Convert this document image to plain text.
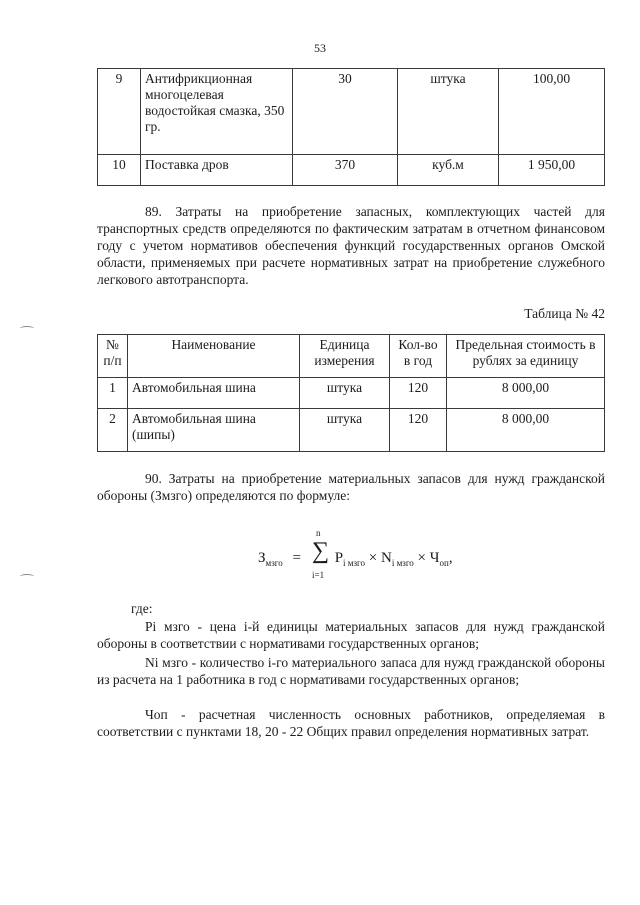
53
9	Антифрикционная многоцелевая водостойкая смазка, 350 гр.	30	штука	100,00
10	Поставка дров	370	куб.м	1 950,00
89. Затраты на приобретение запасных, комплектующих частей для транспортных средств определяются по фактическим затратам в отчетном финансовом году с учетом нормативов обеспечения функций государственных органов Омской области, применяемых при расчете нормативных затрат на приобретение служебного легкового автотранспорта.
Таблица № 42
№ п/п	Наименование	Единица измерения	Кол-во в год	Предельная стоимость в рублях за единицу
1	Автомобильная шина	штука	120	8 000,00
2	Автомобильная шина (шипы)	штука	120	8 000,00
90. Затраты на приобретение материальных запасов для нужд гражданской обороны (Змзго) определяются по формуле:
n
∑
i=1
$З_{мзго} = P_{i мзго} \times N_{i мзго} \times Ч_{оп}$,
где:
Pi мзго - цена i-й единицы материальных запасов для нужд гражданской обороны в соответствии с нормативами государственных органов;
Ni мзго - количество i-го материального запаса для нужд гражданской обороны из расчета на 1 работника в год с нормативами государственных органов;
Чоп - расчетная численность основных работников, определяемая в соответствии с пунктами 18, 20 - 22 Общих правил определения нормативных затрат.
